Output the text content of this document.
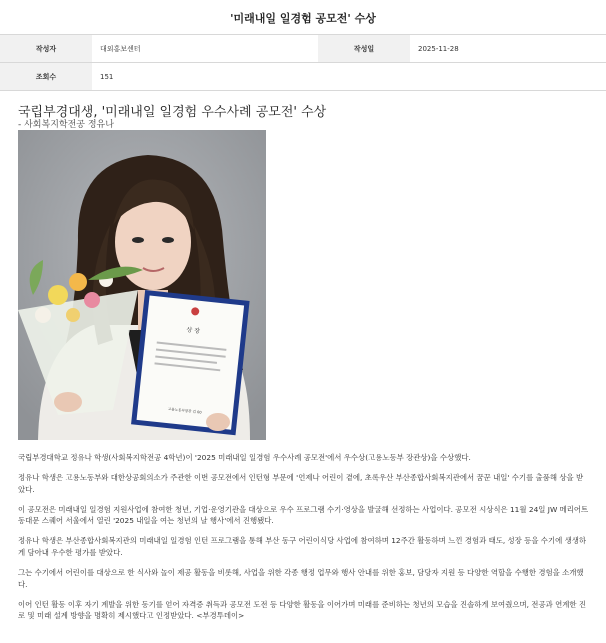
'미래내일 일경험 공모전' 수상
작성자	대외홍보센터	작성일	2025-11-28
조회수	151		
국립부경대생, '미래내일 일경험 우수사례 공모전' 수상
- 사회복지학전공 정유나
상 장
고용노동부장관 김 00

국립부경대학교 정유나 학생(사회복지학전공 4학년)이 '2025 미래내일 일경험 우수사례 공모전'에서 우수상(고용노동부 장관상)을 수상했다.

정유나 학생은 고용노동부와 대한상공회의소가 주관한 이번 공모전에서 인턴형 부문에 '언제나 어린이 곁에, 초록우산 부산종합사회복지관에서 꿈꾼 내일' 수기를 출품해 상을 받았다.

이 공모전은 미래내일 일경험 지원사업에 참여한 청년, 기업·운영기관을 대상으로 우수 프로그램 수기·영상을 발굴해 선정하는 사업이다. 공모전 시상식은 11월 24일 JW 메리어트 동대문 스퀘어 서울에서 열린 '2025 내일을 여는 청년의 날 행사'에서 진행됐다.

정유나 학생은 부산종합사회복지관의 미래내일 일경험 인턴 프로그램을 통해 부산 동구 어린이식당 사업에 참여하며 12주간 활동하며 느낀 경험과 태도, 성장 등을 수기에 생생하게 담아내 우수한 평가를 받았다.

그는 수기에서 어린이를 대상으로 한 식사와 놀이 제공 활동을 비롯해, 사업을 위한 각종 행정 업무와 행사 안내를 위한 홍보, 담당자 지원 등 다양한 역할을 수행한 경험을 소개했다.

이어 인턴 활동 이후 자기 계발을 위한 동기를 얻어 자격증 취득과 공모전 도전 등 다양한 활동을 이어가며 미래를 준비하는 청년의 모습을 진솔하게 보여줬으며, 전공과 연계한 진로 및 미래 설계 방향을 명확히 제시했다고 인정받았다. <부경투데이>
